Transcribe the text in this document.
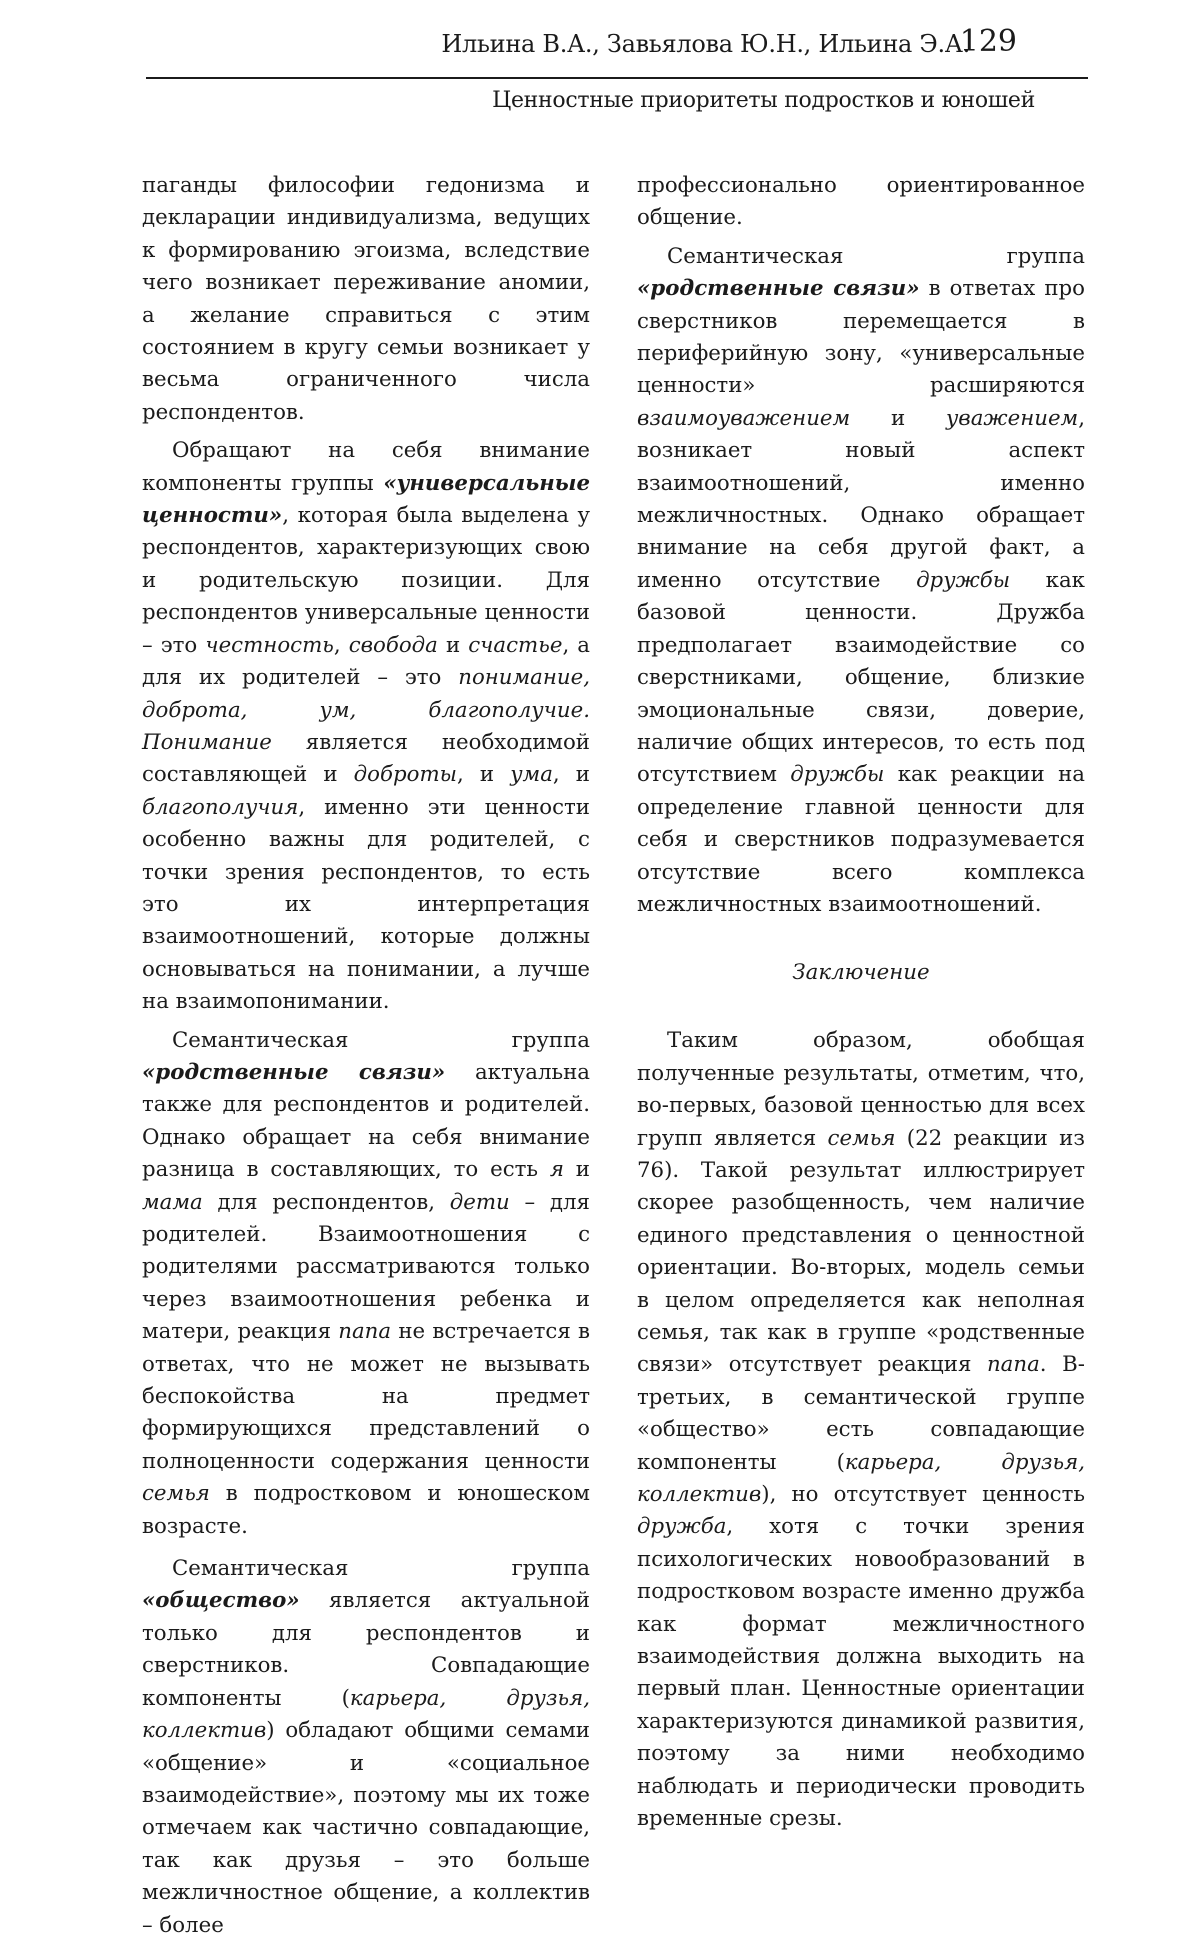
Ильина В.А., Завьялова Ю.Н., Ильина Э.А.
129
Ценностные приоритеты подростков и юношей

паганды философии гедонизма и декларации индивидуализма, ведущих к формированию эгоизма, вследствие чего возникает переживание аномии, а желание справиться с этим состоянием в кругу семьи возникает у весьма ограниченного числа респондентов.

Обращают на себя внимание компоненты группы «универсальные ценности», которая была выделена у респондентов, характеризующих свою и родительскую позиции. Для респондентов универсальные ценности – это честность, свобода и счастье, а для их родителей – это понимание, доброта, ум, благополучие. Понимание является необходимой составляющей и доброты, и ума, и благополучия, именно эти ценности особенно важны для родителей, с точки зрения респондентов, то есть это их интерпретация взаимоотношений, которые должны основываться на понимании, а лучше на взаимопонимании.

Семантическая группа «родственные связи» актуальна также для респондентов и родителей. Однако обращает на себя внимание разница в составляющих, то есть я и мама для респондентов, дети – для родителей. Взаимоотношения с родителями рассматриваются только через взаимоотношения ребенка и матери, реакция папа не встречается в ответах, что не может не вызывать беспокойства на предмет формирующихся представлений о полноценности содержания ценности семья в подростковом и юношеском возрасте.

Семантическая группа «общество» является актуальной только для респондентов и сверстников. Совпадающие компоненты (карьера, друзья, коллектив) обладают общими семами «общение» и «социальное взаимодействие», поэтому мы их тоже отмечаем как частично совпадающие, так как друзья – это больше межличностное общение, а коллектив – более

профессионально ориентированное общение.

Семантическая группа «родственные связи» в ответах про сверстников перемещается в периферийную зону, «универсальные ценности» расширяются взаимоуважением и уважением, возникает новый аспект взаимоотношений, именно межличностных. Однако обращает внимание на себя другой факт, а именно отсутствие дружбы как базовой ценности. Дружба предполагает взаимодействие со сверстниками, общение, близкие эмоциональные связи, доверие, наличие общих интересов, то есть под отсутствием дружбы как реакции на определение главной ценности для себя и сверстников подразумевается отсутствие всего комплекса межличностных взаимоотношений.

Заключение

Таким образом, обобщая полученные результаты, отметим, что, во-первых, базовой ценностью для всех групп является семья (22 реакции из 76). Такой результат иллюстрирует скорее разобщенность, чем наличие единого представления о ценностной ориентации. Во-вторых, модель семьи в целом определяется как неполная семья, так как в группе «родственные связи» отсутствует реакция папа. В-третьих, в семантической группе «общество» есть совпадающие компоненты (карьера, друзья, коллектив), но отсутствует ценность дружба, хотя с точки зрения психологических новообразований в подростковом возрасте именно дружба как формат межличностного взаимодействия должна выходить на первый план. Ценностные ориентации характеризуются динамикой развития, поэтому за ними необходимо наблюдать и периодически проводить временные срезы.
